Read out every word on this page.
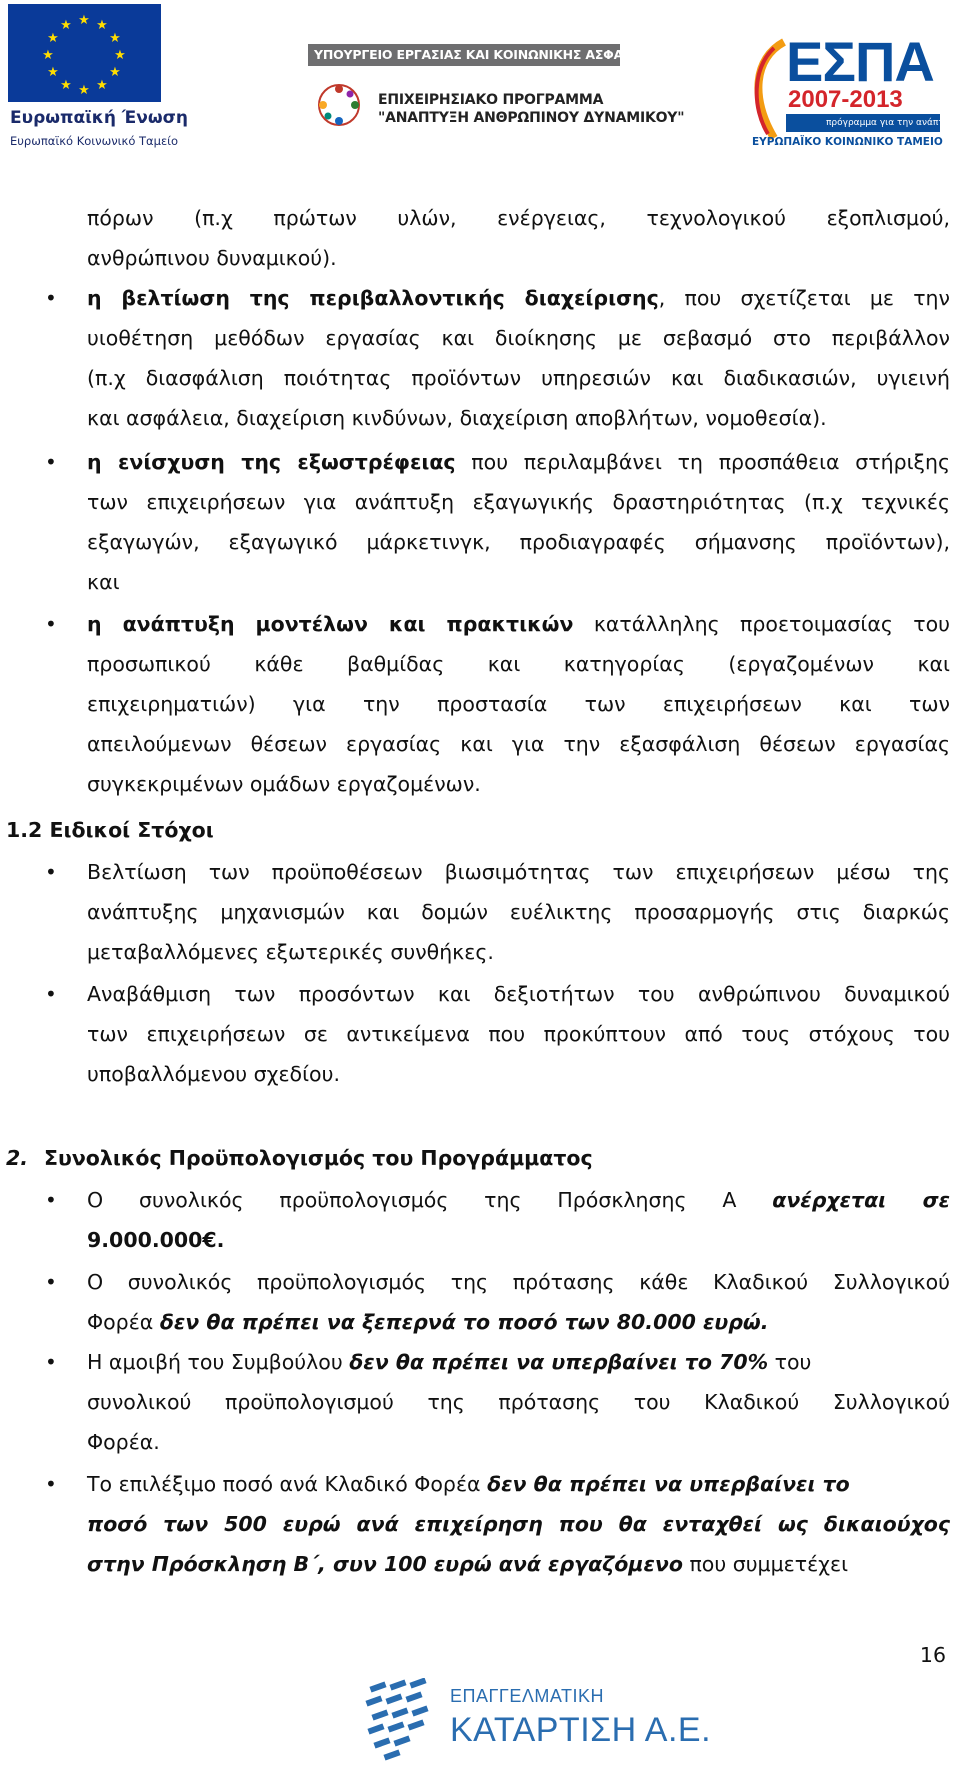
★ ★
★
★
★
★
★
★
★
★
★
★
Ευρωπαϊκή Ένωση
Ευρωπαϊκό Κοινωνικό Ταμείο
ΥΠΟΥΡΓΕΙΟ ΕΡΓΑΣΙΑΣ ΚΑΙ ΚΟΙΝΩΝΙΚΗΣ ΑΣΦΑΛΙΣΗΣ
ΕΠΙΧΕΙΡΗΣΙΑΚΟ ΠΡΟΓΡΑΜΜΑ
"ΑΝΑΠΤΥΞΗ ΑΝΘΡΩΠΙΝΟΥ ΔΥΝΑΜΙΚΟΥ"
ΕΣΠΑ
2007-2013
πρόγραμμα για την ανάπτυξη
ΕΥΡΩΠΑΪΚΟ ΚΟΙΝΩΝΙΚΟ ΤΑΜΕΙΟ
πόρων (π.χ πρώτων υλών, ενέργειας, τεχνολογικού εξοπλισμού,
ανθρώπινου δυναμικού).
• η βελτίωση της περιβαλλοντικής διαχείρισης, που σχετίζεται με την
υιοθέτηση μεθόδων εργασίας και διοίκησης με σεβασμό στο περιβάλλον
(π.χ διασφάλιση ποιότητας προϊόντων υπηρεσιών και διαδικασιών, υγιεινή
και ασφάλεια, διαχείριση κινδύνων, διαχείριση αποβλήτων, νομοθεσία).
• η ενίσχυση της εξωστρέφειας που περιλαμβάνει τη προσπάθεια στήριξης
των επιχειρήσεων για ανάπτυξη εξαγωγικής δραστηριότητας (π.χ τεχνικές
εξαγωγών, εξαγωγικό μάρκετινγκ, προδιαγραφές σήμανσης προϊόντων),
και
• η ανάπτυξη μοντέλων και πρακτικών κατάλληλης προετοιμασίας του
προσωπικού κάθε βαθμίδας και κατηγορίας (εργαζομένων και
επιχειρηματιών) για την προστασία των επιχειρήσεων και των
απειλούμενων θέσεων εργασίας και για την εξασφάλιση θέσεων εργασίας
συγκεκριμένων ομάδων εργαζομένων.
1.2 Ειδικοί Στόχοι
• Βελτίωση των προϋποθέσεων βιωσιμότητας των επιχειρήσεων μέσω της
ανάπτυξης μηχανισμών και δομών ευέλικτης προσαρμογής στις διαρκώς
μεταβαλλόμενες εξωτερικές συνθήκες.
• Αναβάθμιση των προσόντων και δεξιοτήτων του ανθρώπινου δυναμικού
των επιχειρήσεων σε αντικείμενα που προκύπτουν από τους στόχους του
υποβαλλόμενου σχεδίου.
2. Συνολικός Προϋπολογισμός του Προγράμματος
• Ο συνολικός προϋπολογισμός της Πρόσκλησης Α ανέρχεται σε
9.000.000€.
• Ο συνολικός προϋπολογισμός της πρότασης κάθε Κλαδικού Συλλογικού
Φορέα δεν θα πρέπει να ξεπερνά το ποσό των 80.000 ευρώ.
• Η αμοιβή του Συμβούλου δεν θα πρέπει να υπερβαίνει το 70% του
συνολικού προϋπολογισμού της πρότασης του Κλαδικού Συλλογικού
Φορέα.
• Το επιλέξιμο ποσό ανά Κλαδικό Φορέα δεν θα πρέπει να υπερβαίνει το
ποσό των 500 ευρώ ανά επιχείρηση που θα ενταχθεί ως δικαιούχος
στην Πρόσκληση Β΄, συν 100 ευρώ ανά εργαζόμενο που συμμετέχει
16
ΕΠΑΓΓΕΛΜΑΤΙΚΗ
ΚΑΤΑΡΤΙΣΗ Α.Ε.
